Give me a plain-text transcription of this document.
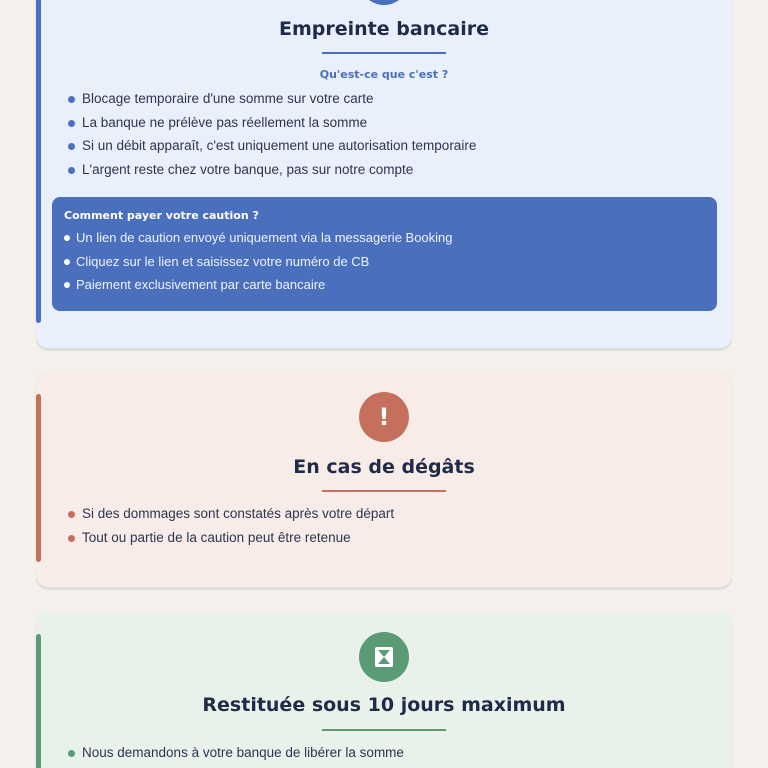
Empreinte bancaire
Qu'est-ce que c'est ?
Blocage temporaire d'une somme sur votre carte
La banque ne prélève pas réellement la somme
Si un débit apparaît, c'est uniquement une autorisation temporaire
L'argent reste chez votre banque, pas sur notre compte
Comment payer votre caution ?
Un lien de caution envoyé uniquement via la messagerie Booking
Cliquez sur le lien et saisissez votre numéro de CB
Paiement exclusivement par carte bancaire
!
En cas de dégâts
Si des dommages sont constatés après votre départ
Tout ou partie de la caution peut être retenue
Restituée sous 10 jours maximum
Nous demandons à votre banque de libérer la somme
